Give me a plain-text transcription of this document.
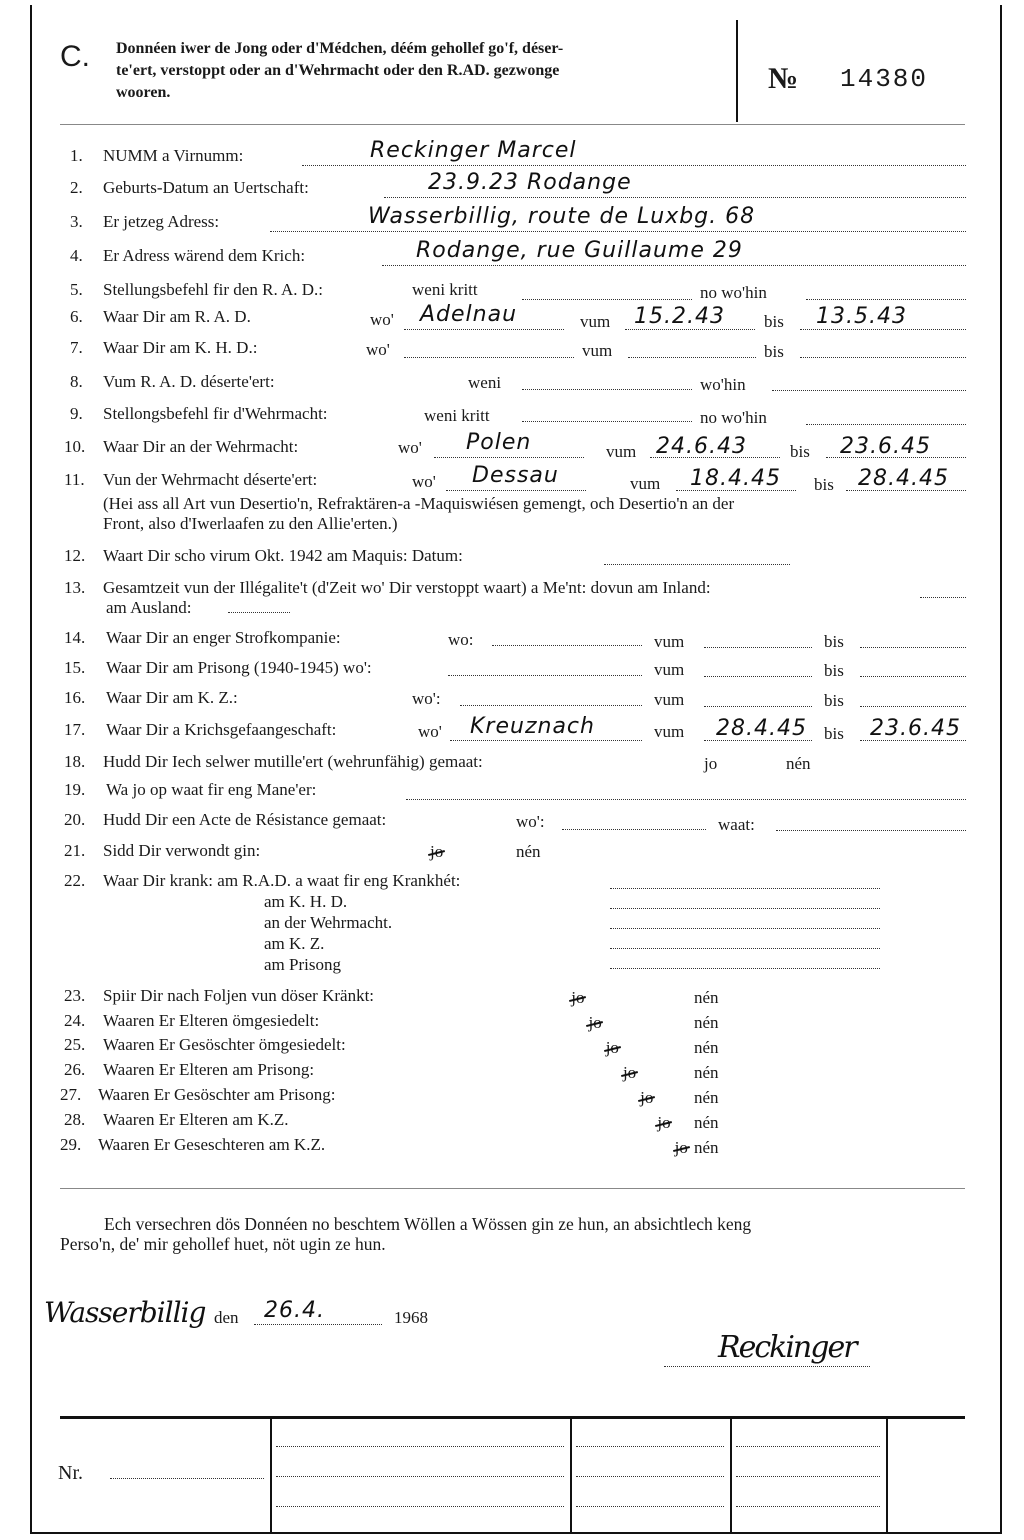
C. Donnéen iwer de Jong oder d'Médchen, déém gehollef go'f, déser-
te'ert, verstoppt oder an d'Wehrmacht oder den R.AD. gezwonge
wooren.	№ 14380
1. NUMM a Virnumm:	Reckinger Marcel
2. Geburts-Datum an Uertschaft:	23.9.23 Rodange
3. Er jetzeg Adress:	Wasserbillig, route de Luxbg. 68
4. Er Adress wärend dem Krich:	Rodange, rue Guillaume 29
5. Stellungsbefehl fir den R. A. D.:	weni kritt	no wo'hin
6. Waar Dir am R. A. D.	wo' Adelnau	vum 15.2.43 bis 13.5.43
7. Waar Dir am K. H. D.:	wo'	vum	bis
8. Vum R. A. D. déserte'ert:	weni	wo'hin
9. Stellongsbefehl fir d'Wehrmacht:	weni kritt	no wo'hin
10. Waar Dir an der Wehrmacht:	wo' Polen	vum 24.6.43	bis 23.6.45
11. Vun der Wehrmacht déserte'ert:	wo' Dessau	vum 18.4.45 bis 28.4.45
(Hei ass all Art vun Desertio'n, Refraktären-a -Maquiswiésen gemengt, och Desertio'n an der
Front, also d'Iwerlaafen zu den Allie'erten.)
12. Waart Dir scho virum Okt. 1942 am Maquis: Datum:
13. Gesamtzeit vun der Illégalite't (d'Zeit wo' Dir verstoppt waart) a Me'nt: dovun am Inland:
am Ausland:
14. Waar Dir an enger Strofkompanie:	wo:	vum	bis
15. Waar Dir am Prisong (1940-1945) wo':	vum	bis
16. Waar Dir am K. Z.:	wo':	vum	bis
17. Waar Dir a Krichsgefaangeschaft:	wo' Kreuznach	vum 28.4.45 bis 23.6.45
18. Hudd Dir Iech selwer mutille'ert (wehrunfähig) gemaat:	jo	nén
19. Wa jo op waat fir eng Mane'er:
20. Hudd Dir een Acte de Résistance gemaat:	wo':	waat:
21. Sidd Dir verwondt gin:	jo	nén
22. Waar Dir krank: am R.A.D. a waat fir eng Krankhét:
am K. H. D.
an der Wehrmacht.
am K. Z.
am Prisong
23. Spiir Dir nach Foljen vun döser Kränkt:	jo	nén
24. Waaren Er Elteren ömgesiedelt:	jo	nén
25. Waaren Er Gesöschter ömgesiedelt:	jo	nén
26. Waaren Er Elteren am Prisong:	jo	nén
27. Waaren Er Gesöschter am Prisong:	jo nén
28. Waaren Er Elteren am K.Z.	jo nén
29. Waaren Er Geseschteren am K.Z.	jo nén
Ech versechren dös Donnéen no beschtem Wöllen a Wössen gin ze hun, an absichtlech keng
Perso'n, de' mir gehollef huet, nöt ugin ze hun.
Wasserbillig den 26.4.	1968
Reckinger
Nr.
